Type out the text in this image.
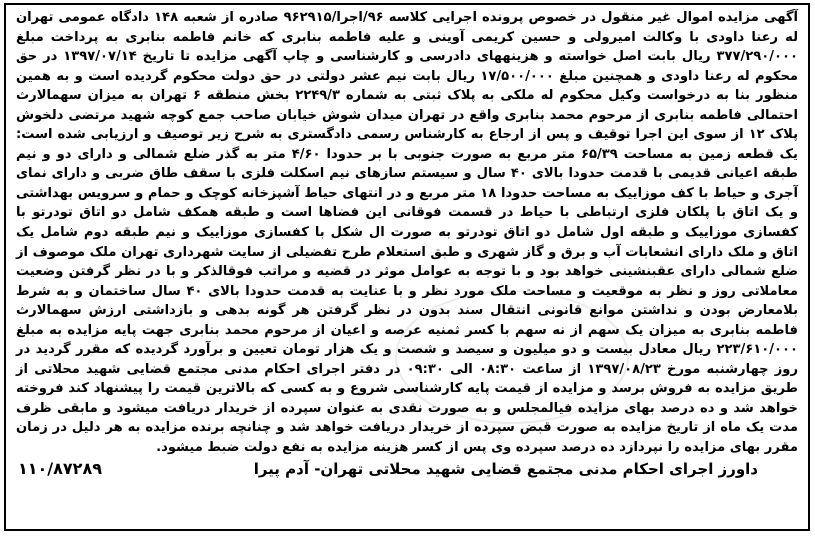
آگهی مزایده اموال غیر منقول در خصوص پرونده اجرایی کلاسه ۹۶/اجرا/۹۶۲۹۱۵ صادره از شعبه ۱۴۸ دادگاه عمومی تهران له رعنا داودی با وکالت امیرولی و حسین کریمی آوینی و علیه فاطمه بنابری که خانم فاطمه بنابری به پرداخت مبلغ ۳۷۷/۲۹۰/۰۰۰ ریال بابت اصل خواسته و هزینههای دادرسی و کارشناسی و چاپ آگهی مزایده تا تاریخ ۱۳۹۷/۰۷/۱۴ در حق محکوم له رعنا داودی و همچنین مبلغ ۱۷/۵۰۰/۰۰۰ ریال بابت نیم عشر دولتی در حق دولت محکوم گردیده است و به همین منظور بنا به درخواست وکیل محکوم له ملکی به پلاک ثبتی به شماره ۲۲۴۹/۳ بخش منطقه ۶ تهران به میزان سهمالارث احتمالی فاطمه بنابری از مرحوم محمد بنابری واقع در تهران میدان شوش خیابان صاحب جمع کوچه شهید مرتضی دلخوش پلاک ۱۲ از سوی این اجرا توقیف و پس از ارجاع به کارشناس رسمی دادگستری به شرح زیر توصیف و ارزیابی شده است: یک قطعه زمین به مساحت ۶۵/۳۹ متر مربع به صورت جنوبی با بر حدودا ۴/۶۰ متر به گذر ضلع شمالی و دارای دو و نیم طبقه اعیانی قدیمی با قدمت حدودا بالای ۴۰ سال و سیستم سازهای نیم اسکلت فلزی با سقف طاق ضربی و دارای نمای آجری و حیاط با کف موزاییک به مساحت حدودا ۱۸ متر مربع و در انتهای حیاط آشپزخانه کوچک و حمام و سرویس بهداشتی و یک اتاق با پلکان فلزی ارتباطی با حیاط در قسمت فوقانی این فضاها است و طبقه همکف شامل دو اتاق تودرتو با کفسازی موزاییک و طبقه اول شامل دو اتاق تودرتو به صورت ال شکل با کفسازی موزاییک و نیم طبقه دوم شامل یک اتاق و ملک دارای انشعابات آب و برق و گاز شهری و طبق استعلام طرح تفضیلی از سایت شهرداری تهران ملک موصوف از ضلع شمالی دارای عقبنشینی خواهد بود و با توجه به عوامل موثر در قضیه و مراتب فوقالذکر و با در نظر گرفتن وضعیت معاملاتی روز و نظر به موقعیت و مساحت ملک مورد نظر و با عنایت به قدمت حدودا بالای ۴۰ سال ساختمان و به شرط بلامعارض بودن و نداشتن موانع قانونی انتقال سند بدون در نظر گرفتن هر گونه بدهی و بازداشتی ارزش سهمالارث فاطمه بنابری به میزان یک سهم از نه سهم با کسر ثمنیه عرصه و اعیان از مرحوم محمد بنابری جهت پایه مزایده به مبلغ ۲۲۳/۶۱۰/۰۰۰ ریال معادل بیست و دو میلیون و سیصد و شصت و یک هزار تومان تعیین و برآورد گردیده که مقرر گردید در روز چهارشنبه مورخ ۱۳۹۷/۰۸/۲۳ از ساعت ۰۸:۳۰ الی ۰۹:۳۰ در دفتر اجرای احکام مدنی مجتمع قضایی شهید محلاتی از طریق مزایده به فروش برسد و مزایده از قیمت پایه کارشناسی شروع و به کسی که بالاترین قیمت را پیشنهاد کند فروخته خواهد شد و ده درصد بهای مزایده فیالمجلس و به صورت نقدی به عنوان سپرده از خریدار دریافت میشود و مابقی ظرف مدت یک ماه از تاریخ مزایده به صورت قبض سپرده از خریدار دریافت خواهد شد و چنانچه برنده مزایده به هر دلیل در زمان مقرر بهای مزایده را نپردازد ده درصد سپرده وی پس از کسر هزینه مزایده به نفع دولت ضبط میشود.

داورز اجرای احکام مدنی مجتمع قضایی شهید محلاتی تهران- آدم پیرا
۱۱۰/۸۷۲۸۹
